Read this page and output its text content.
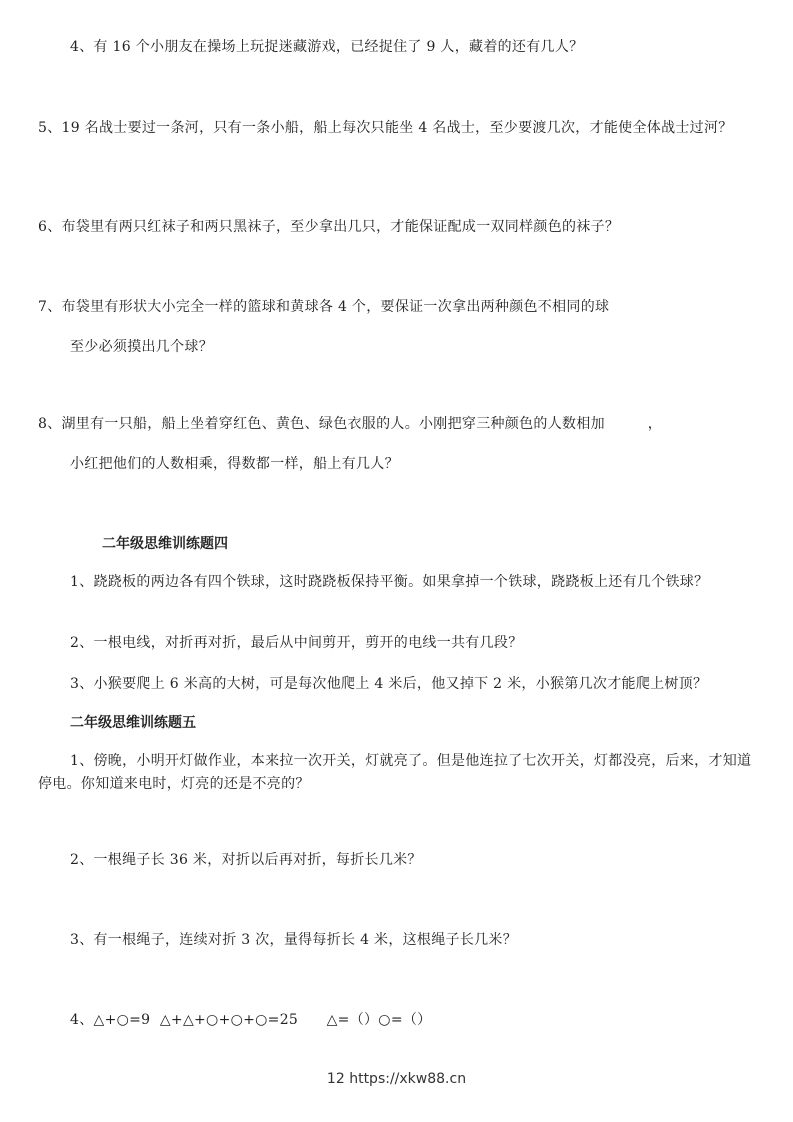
4、有 16 个小朋友在操场上玩捉迷藏游戏，已经捉住了 9 人，藏着的还有几人？
5、19 名战士要过一条河，只有一条小船，船上每次只能坐 4 名战士，至少要渡几次，才能使全体战士过河？
6、布袋里有两只红袜子和两只黑袜子，至少拿出几只，才能保证配成一双同样颜色的袜子？
7、布袋里有形状大小完全一样的篮球和黄球各 4 个，要保证一次拿出两种颜色不相同的球
至少必须摸出几个球？
8、湖里有一只船，船上坐着穿红色、黄色、绿色衣服的人。小刚把穿三种颜色的人数相加　　　，
小红把他们的人数相乘，得数都一样，船上有几人？
二年级思维训练题四
1、跷跷板的两边各有四个铁球，这时跷跷板保持平衡。如果拿掉一个铁球，跷跷板上还有几个铁球？
2、一根电线，对折再对折，最后从中间剪开，剪开的电线一共有几段？
3、小猴要爬上 6 米高的大树，可是每次他爬上 4 米后，他又掉下 2 米，小猴第几次才能爬上树顶？
二年级思维训练题五
1、傍晚，小明开灯做作业，本来拉一次开关，灯就亮了。但是他连拉了七次开关，灯都没亮，后来，才知道停电。你知道来电时，灯亮的还是不亮的？
2、一根绳子长 36 米，对折以后再对折，每折长几米？
3、有一根绳子，连续对折 3 次，量得每折长 4 米，这根绳子长几米？
4、△+○=9  △+△+○+○+○=25      △=（）○=（）
12 https://xkw88.cn
